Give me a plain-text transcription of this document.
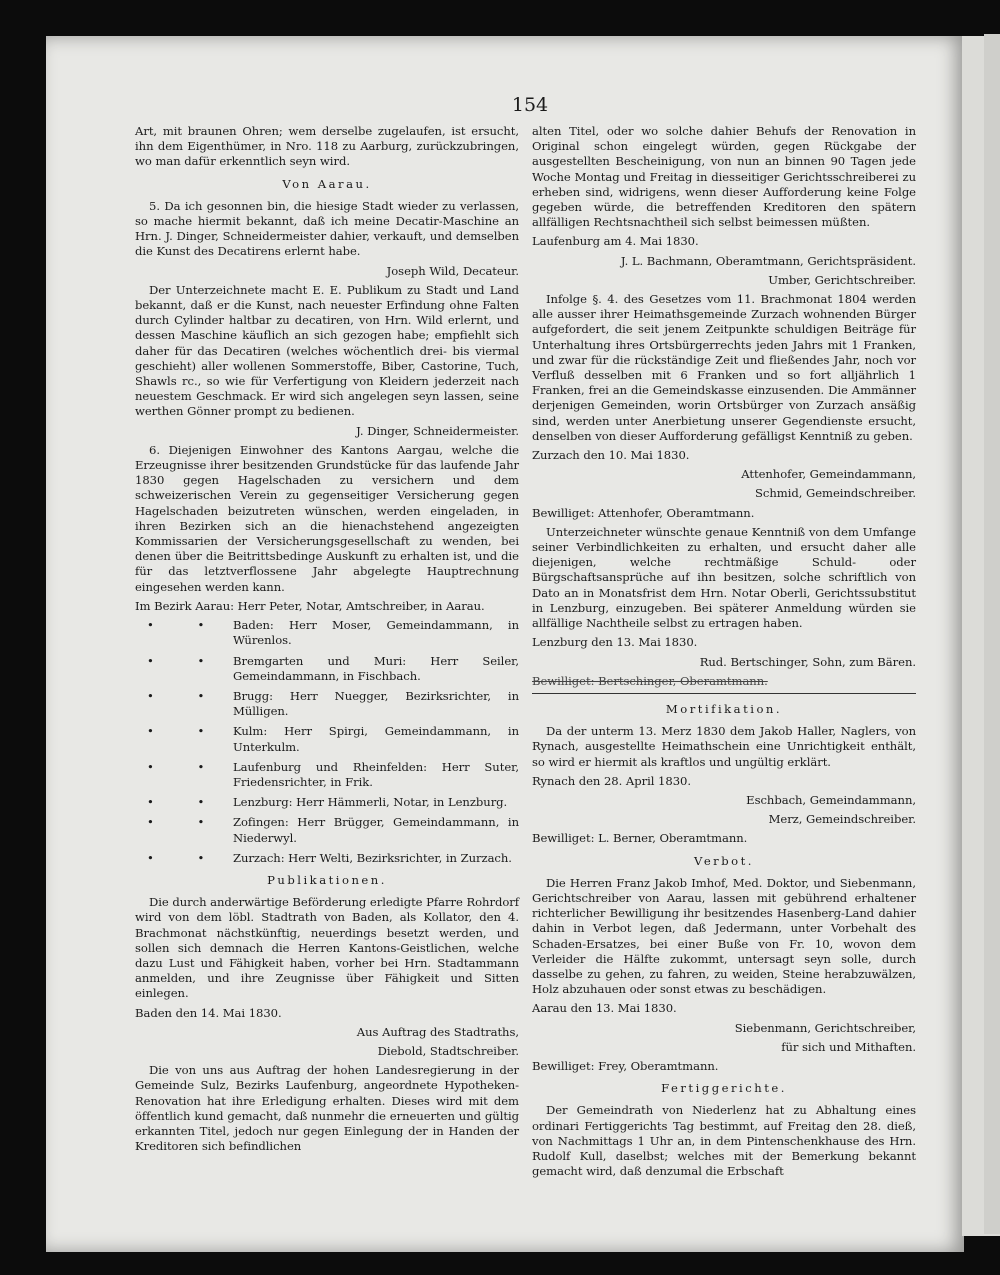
154

Art, mit braunen Ohren; wem derselbe zugelaufen, ist ersucht, ihn dem Eigenthümer, in Nro. 118 zu Aarburg, zurückzubringen, wo man dafür erkenntlich seyn wird.

Von Aarau.

5. Da ich gesonnen bin, die hiesige Stadt wieder zu verlassen, so mache hiermit bekannt, daß ich meine Decatir-Maschine an Hrn. J. Dinger, Schneidermeister dahier, verkauft, und demselben die Kunst des Decatirens erlernt habe.

Joseph Wild, Decateur.

Der Unterzeichnete macht E. E. Publikum zu Stadt und Land bekannt, daß er die Kunst, nach neuester Erfindung ohne Falten durch Cylinder haltbar zu decatiren, von Hrn. Wild erlernt, und dessen Maschine käuflich an sich gezogen habe; empfiehlt sich daher für das Decatiren (welches wöchentlich drei- bis viermal geschieht) aller wollenen Sommerstoffe, Biber, Castorine, Tuch, Shawls rc., so wie für Verfertigung von Kleidern jederzeit nach neuestem Geschmack. Er wird sich angelegen seyn lassen, seine werthen Gönner prompt zu bedienen.

J. Dinger, Schneidermeister.

6. Diejenigen Einwohner des Kantons Aargau, welche die Erzeugnisse ihrer besitzenden Grundstücke für das laufende Jahr 1830 gegen Hagelschaden zu versichern und dem schweizerischen Verein zu gegenseitiger Versicherung gegen Hagelschaden beizutreten wünschen, werden eingeladen, in ihren Bezirken sich an die hienachstehend angezeigten Kommissarien der Versicherungsgesellschaft zu wenden, bei denen über die Beitrittsbedinge Auskunft zu erhalten ist, und die für das letztverflossene Jahr abgelegte Hauptrechnung eingesehen werden kann.

Im Bezirk Aarau: Herr Peter, Notar, Amtschreiber, in Aarau.

• • Baden: Herr Moser, Gemeindammann, in Würenlos.
• • Bremgarten und Muri: Herr Seiler, Gemeindammann, in Fischbach.
• • Brugg: Herr Nuegger, Bezirksrichter, in Mülligen.
• • Kulm: Herr Spirgi, Gemeindammann, in Unterkulm.
• • Laufenburg und Rheinfelden: Herr Suter, Friedensrichter, in Frik.
• • Lenzburg: Herr Hämmerli, Notar, in Lenzburg.
• • Zofingen: Herr Brügger, Gemeindammann, in Niederwyl.
• • Zurzach: Herr Welti, Bezirksrichter, in Zurzach.

Publikationen.

Die durch anderwärtige Beförderung erledigte Pfarre Rohrdorf wird von dem löbl. Stadtrath von Baden, als Kollator, den 4. Brachmonat nächstkünftig, neuerdings besetzt werden, und sollen sich demnach die Herren Kantons-Geistlichen, welche dazu Lust und Fähigkeit haben, vorher bei Hrn. Stadtammann anmelden, und ihre Zeugnisse über Fähigkeit und Sitten einlegen.

Baden den 14. Mai 1830.

Aus Auftrag des Stadtraths,

Diebold, Stadtschreiber.

Die von uns aus Auftrag der hohen Landesregierung in der Gemeinde Sulz, Bezirks Laufenburg, angeordnete Hypotheken-Renovation hat ihre Erledigung erhalten. Dieses wird mit dem öffentlich kund gemacht, daß nunmehr die erneuerten und gültig erkannten Titel, jedoch nur gegen Einlegung der in Handen der Kreditoren sich befindlichen

alten Titel, oder wo solche dahier Behufs der Renovation in Original schon eingelegt würden, gegen Rückgabe der ausgestellten Bescheinigung, von nun an binnen 90 Tagen jede Woche Montag und Freitag in diesseitiger Gerichtsschreiberei zu erheben sind, widrigens, wenn dieser Aufforderung keine Folge gegeben würde, die betreffenden Kreditoren den spätern allfälligen Rechtsnachtheil sich selbst beimessen müßten.

Laufenburg am 4. Mai 1830.

J. L. Bachmann, Oberamtmann, Gerichtspräsident.

Umber, Gerichtschreiber.

Infolge §. 4. des Gesetzes vom 11. Brachmonat 1804 werden alle ausser ihrer Heimathsgemeinde Zurzach wohnenden Bürger aufgefordert, die seit jenem Zeitpunkte schuldigen Beiträge für Unterhaltung ihres Ortsbürgerrechts jeden Jahrs mit 1 Franken, und zwar für die rückständige Zeit und fließendes Jahr, noch vor Verfluß desselben mit 6 Franken und so fort alljährlich 1 Franken, frei an die Gemeindskasse einzusenden. Die Ammänner derjenigen Gemeinden, worin Ortsbürger von Zurzach ansäßig sind, werden unter Anerbietung unserer Gegendienste ersucht, denselben von dieser Aufforderung gefälligst Kenntniß zu geben.

Zurzach den 10. Mai 1830.

Attenhofer, Gemeindammann,

Schmid, Gemeindschreiber.

Bewilliget: Attenhofer, Oberamtmann.

Unterzeichneter wünschte genaue Kenntniß von dem Umfange seiner Verbindlichkeiten zu erhalten, und ersucht daher alle diejenigen, welche rechtmäßige Schuld- oder Bürgschaftsansprüche auf ihn besitzen, solche schriftlich von Dato an in Monatsfrist dem Hrn. Notar Oberli, Gerichtssubstitut in Lenzburg, einzugeben. Bei späterer Anmeldung würden sie allfällige Nachtheile selbst zu ertragen haben.

Lenzburg den 13. Mai 1830.

Rud. Bertschinger, Sohn, zum Bären.

Bewilliget: Bertschinger, Oberamtmann.

Mortifikation.

Da der unterm 13. Merz 1830 dem Jakob Haller, Naglers, von Rynach, ausgestellte Heimathschein eine Unrichtigkeit enthält, so wird er hiermit als kraftlos und ungültig erklärt.

Rynach den 28. April 1830.

Eschbach, Gemeindammann,

Merz, Gemeindschreiber.

Bewilliget: L. Berner, Oberamtmann.

Verbot.

Die Herren Franz Jakob Imhof, Med. Doktor, und Siebenmann, Gerichtschreiber von Aarau, lassen mit gebührend erhaltener richterlicher Bewilligung ihr besitzendes Hasenberg-Land dahier dahin in Verbot legen, daß Jedermann, unter Vorbehalt des Schaden-Ersatzes, bei einer Buße von Fr. 10, wovon dem Verleider die Hälfte zukommt, untersagt seyn solle, durch dasselbe zu gehen, zu fahren, zu weiden, Steine herabzuwälzen, Holz abzuhauen oder sonst etwas zu beschädigen.

Aarau den 13. Mai 1830.

Siebenmann, Gerichtschreiber,

für sich und Mithaften.

Bewilliget: Frey, Oberamtmann.

Fertiggerichte.

Der Gemeindrath von Niederlenz hat zu Abhaltung eines ordinari Fertiggerichts Tag bestimmt, auf Freitag den 28. dieß, von Nachmittags 1 Uhr an, in dem Pintenschenkhause des Hrn. Rudolf Kull, daselbst; welches mit der Bemerkung bekannt gemacht wird, daß denzumal die Erbschaft
